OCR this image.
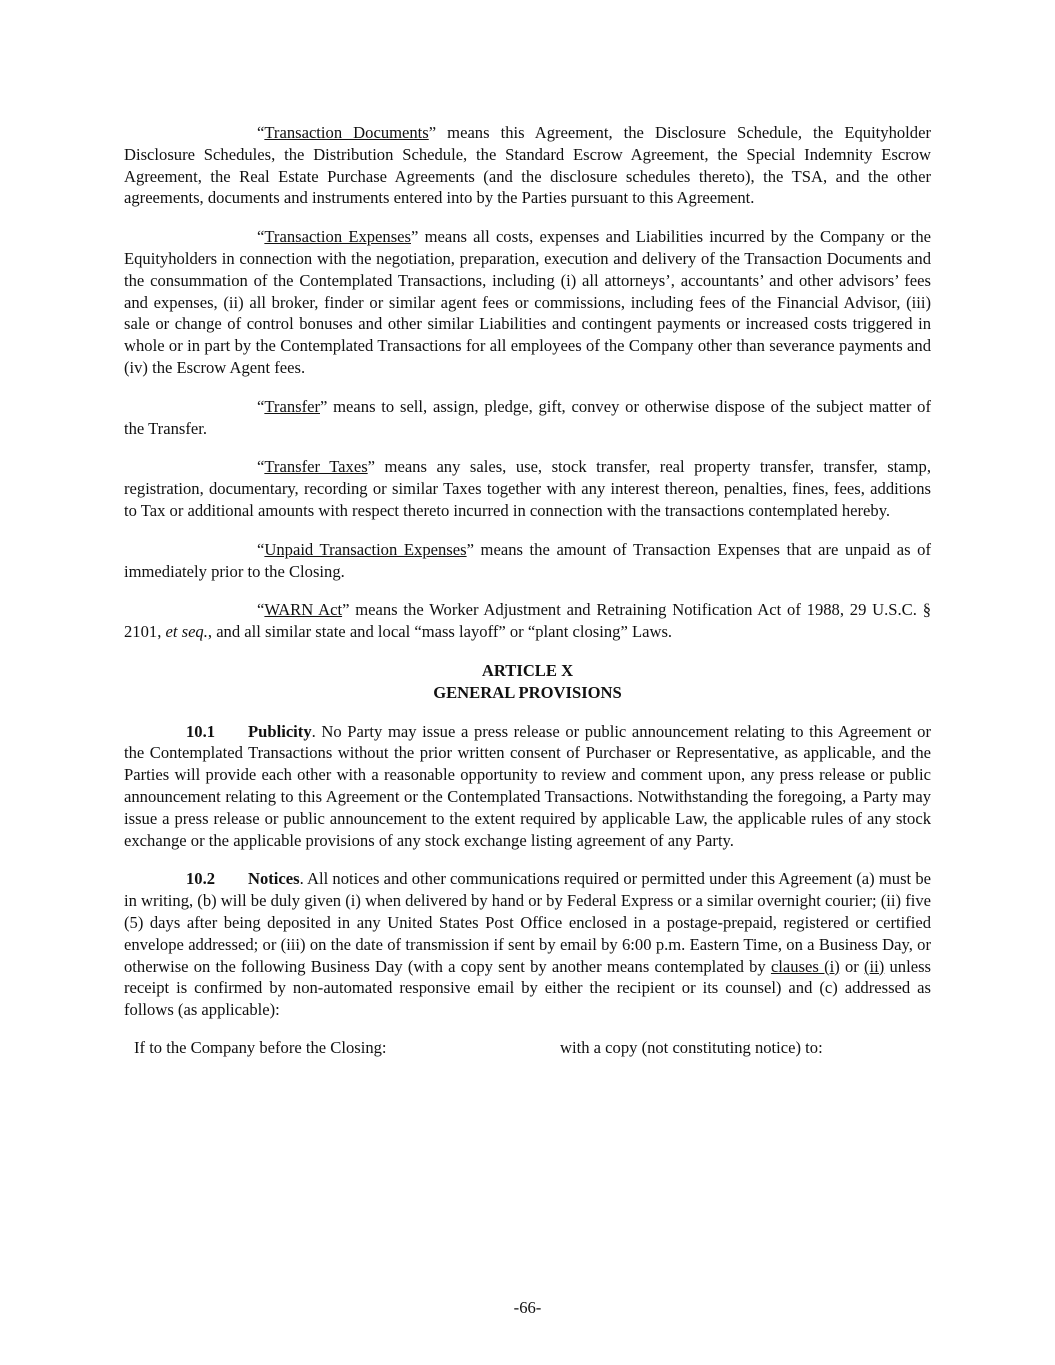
“Transaction Documents” means this Agreement, the Disclosure Schedule, the Equityholder Disclosure Schedules, the Distribution Schedule, the Standard Escrow Agreement, the Special Indemnity Escrow Agreement, the Real Estate Purchase Agreements (and the disclosure schedules thereto), the TSA, and the other agreements, documents and instruments entered into by the Parties pursuant to this Agreement.

“Transaction Expenses” means all costs, expenses and Liabilities incurred by the Company or the Equityholders in connection with the negotiation, preparation, execution and delivery of the Transaction Documents and the consummation of the Contemplated Transactions, including (i) all attorneys’, accountants’ and other advisors’ fees and expenses, (ii) all broker, finder or similar agent fees or commissions, including fees of the Financial Advisor, (iii) sale or change of control bonuses and other similar Liabilities and contingent payments or increased costs triggered in whole or in part by the Contemplated Transactions for all employees of the Company other than severance payments and (iv) the Escrow Agent fees.

“Transfer” means to sell, assign, pledge, gift, convey or otherwise dispose of the subject matter of the Transfer.

“Transfer Taxes” means any sales, use, stock transfer, real property transfer, transfer, stamp, registration, documentary, recording or similar Taxes together with any interest thereon, penalties, fines, fees, additions to Tax or additional amounts with respect thereto incurred in connection with the transactions contemplated hereby.

“Unpaid Transaction Expenses” means the amount of Transaction Expenses that are unpaid as of immediately prior to the Closing.

“WARN Act” means the Worker Adjustment and Retraining Notification Act of 1988, 29 U.S.C. § 2101, et seq., and all similar state and local “mass layoff” or “plant closing” Laws.

ARTICLE X
GENERAL PROVISIONS

10.1 Publicity. No Party may issue a press release or public announcement relating to this Agreement or the Contemplated Transactions without the prior written consent of Purchaser or Representative, as applicable, and the Parties will provide each other with a reasonable opportunity to review and comment upon, any press release or public announcement relating to this Agreement or the Contemplated Transactions. Notwithstanding the foregoing, a Party may issue a press release or public announcement to the extent required by applicable Law, the applicable rules of any stock exchange or the applicable provisions of any stock exchange listing agreement of any Party.

10.2 Notices. All notices and other communications required or permitted under this Agreement (a) must be in writing, (b) will be duly given (i) when delivered by hand or by Federal Express or a similar overnight courier; (ii) five (5) days after being deposited in any United States Post Office enclosed in a postage-prepaid, registered or certified envelope addressed; or (iii) on the date of transmission if sent by email by 6:00 p.m. Eastern Time, on a Business Day, or otherwise on the following Business Day (with a copy sent by another means contemplated by clauses (i) or (ii) unless receipt is confirmed by non-automated responsive email by either the recipient or its counsel) and (c) addressed as follows (as applicable):

If to the Company before the Closing:	with a copy (not constituting notice) to:
-66-
